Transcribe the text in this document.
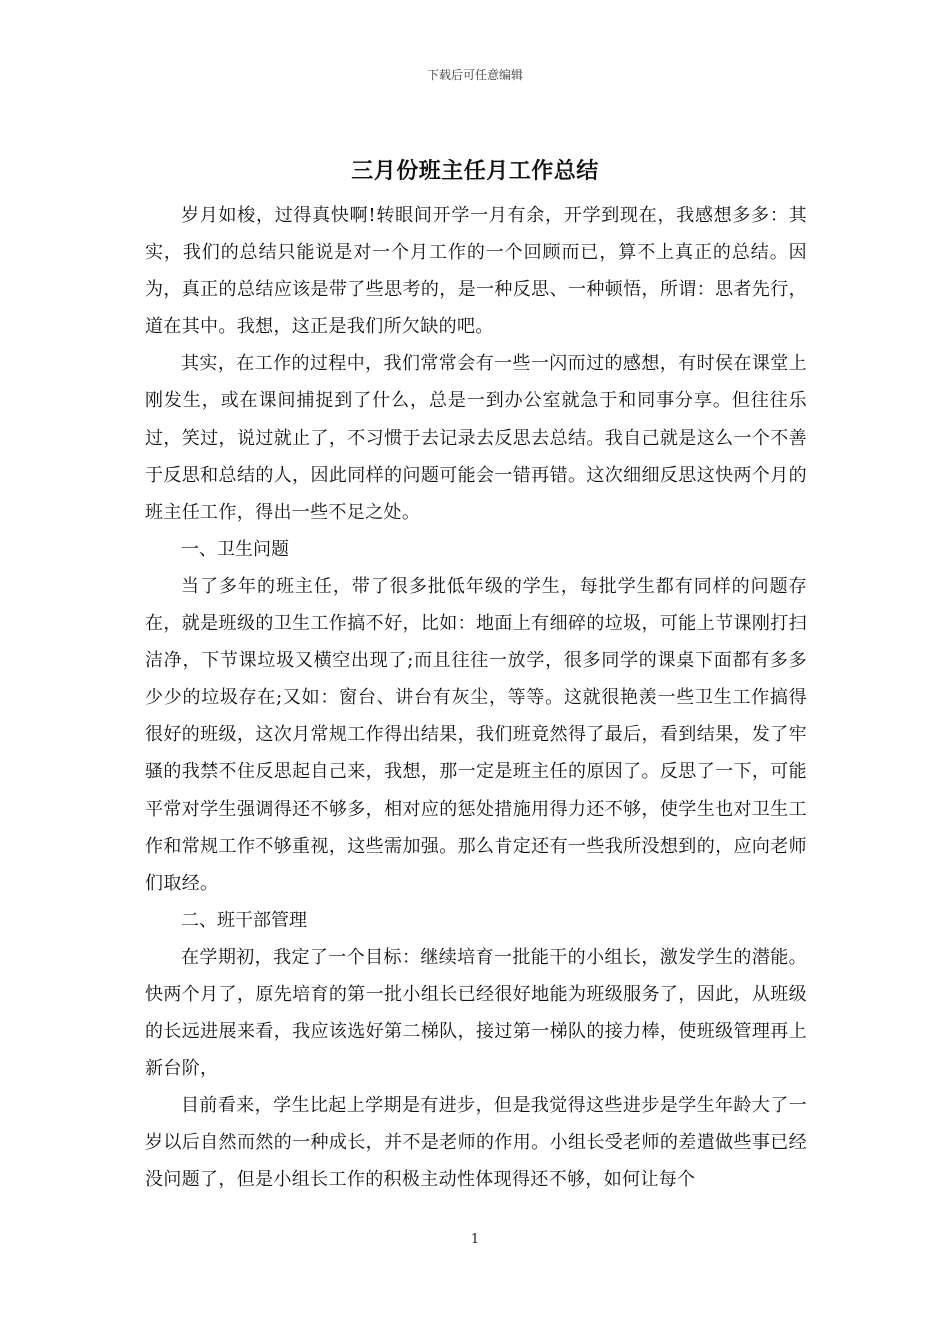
下载后可任意编辑
三月份班主任月工作总结

岁月如梭，过得真快啊!转眼间开学一月有余，开学到现在，我感想多多：其实，我们的总结只能说是对一个月工作的一个回顾而已，算不上真正的总结。因为，真正的总结应该是带了些思考的，是一种反思、一种顿悟，所谓：思者先行，道在其中。我想，这正是我们所欠缺的吧。

其实，在工作的过程中，我们常常会有一些一闪而过的感想，有时侯在课堂上刚发生，或在课间捕捉到了什么，总是一到办公室就急于和同事分享。但往往乐过，笑过，说过就止了，不习惯于去记录去反思去总结。我自己就是这么一个不善于反思和总结的人，因此同样的问题可能会一错再错。这次细细反思这快两个月的班主任工作，得出一些不足之处。

一、卫生问题

当了多年的班主任，带了很多批低年级的学生，每批学生都有同样的问题存在，就是班级的卫生工作搞不好，比如：地面上有细碎的垃圾，可能上节课刚打扫洁净，下节课垃圾又横空出现了;而且往往一放学，很多同学的课桌下面都有多多少少的垃圾存在;又如：窗台、讲台有灰尘，等等。这就很艳羡一些卫生工作搞得很好的班级，这次月常规工作得出结果，我们班竟然得了最后，看到结果，发了牢骚的我禁不住反思起自己来，我想，那一定是班主任的原因了。反思了一下，可能平常对学生强调得还不够多，相对应的惩处措施用得力还不够，使学生也对卫生工作和常规工作不够重视，这些需加强。那么肯定还有一些我所没想到的，应向老师们取经。

二、班干部管理

在学期初，我定了一个目标：继续培育一批能干的小组长，激发学生的潜能。快两个月了，原先培育的第一批小组长已经很好地能为班级服务了，因此，从班级的长远进展来看，我应该选好第二梯队，接过第一梯队的接力棒，使班级管理再上新台阶，

目前看来，学生比起上学期是有进步，但是我觉得这些进步是学生年龄大了一岁以后自然而然的一种成长，并不是老师的作用。小组长受老师的差遣做些事已经没问题了，但是小组长工作的积极主动性体现得还不够，如何让每个

1
